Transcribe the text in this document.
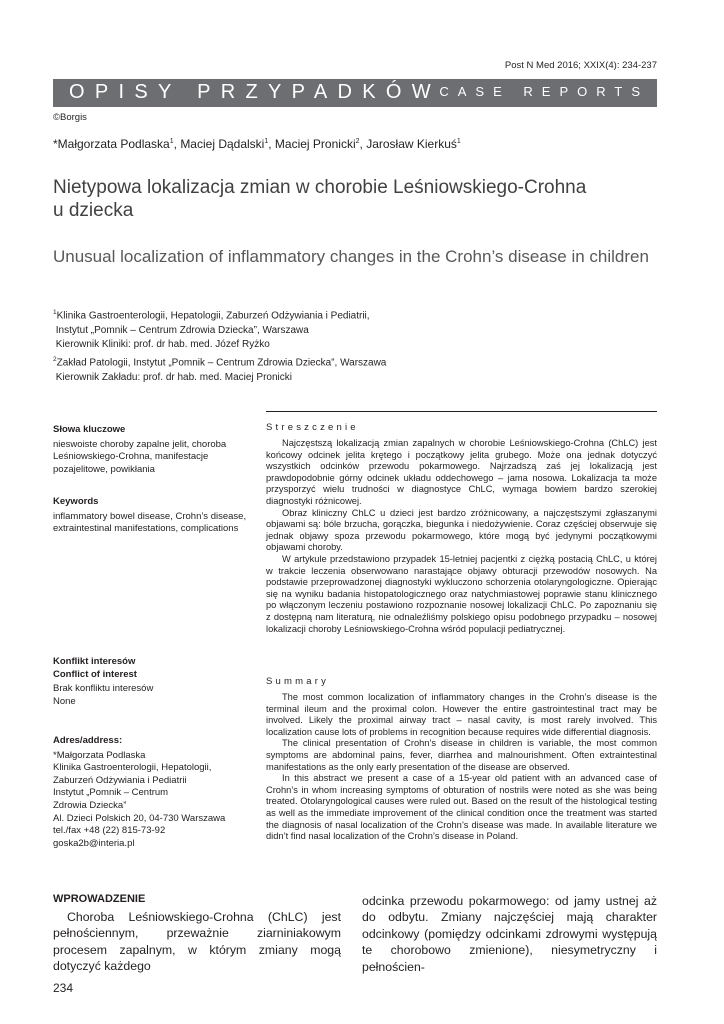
Post N Med 2016; XXIX(4): 234-237
OPISY PRZYPADKÓW
CASE REPORTS
©Borgis
*Małgorzata Podlaska$^1$, Maciej Dądalski$^1$, Maciej Pronicki$^2$, Jarosław Kierkuś$^1$
Nietypowa lokalizacja zmian w chorobie Leśniowskiego-Crohna
u dziecka
Unusual localization of inflammatory changes in the Crohn’s disease in children
$^1$Klinika Gastroenterologii, Hepatologii, Zaburzeń Odżywiania i Pediatrii,
Instytut „Pomnik – Centrum Zdrowia Dziecka”, Warszawa
Kierownik Kliniki: prof. dr hab. med. Józef Ryżko
$^2$Zakład Patologii, Instytut „Pomnik – Centrum Zdrowia Dziecka”, Warszawa
Kierownik Zakładu: prof. dr hab. med. Maciej Pronicki
Słowa kluczowe
nieswoiste choroby zapalne jelit, choroba Leśniowskiego-Crohna, manifestacje pozajelitowe, powikłania
Keywords
inflammatory bowel disease, Crohn’s disease, extraintestinal manifestations, complications
Konflikt interesów
Conflict of interest
Brak konfliktu interesów
None
Adres/address:
*Małgorzata Podlaska
Klinika Gastroenterologii, Hepatologii,
Zaburzeń Odżywiania i Pediatrii
Instytut „Pomnik – Centrum
Zdrowia Dziecka”
Al. Dzieci Polskich 20, 04-730 Warszawa
tel./fax +48 (22) 815-73-92
goska2b@interia.pl
Streszczenie

Najczęstszą lokalizacją zmian zapalnych w chorobie Leśniowskiego-Crohna (ChLC) jest końcowy odcinek jelita krętego i początkowy jelita grubego. Może ona jednak dotyczyć wszystkich odcinków przewodu pokarmowego. Najrzadszą zaś jej lokalizacją jest prawdopodobnie górny odcinek układu oddechowego – jama nosowa. Lokalizacja ta może przysporzyć wielu trudności w diagnostyce ChLC, wymaga bowiem bardzo szerokiej diagnostyki różnicowej.

Obraz kliniczny ChLC u dzieci jest bardzo zróżnicowany, a najczęstszymi zgłaszanymi objawami są: bóle brzucha, gorączka, biegunka i niedożywienie. Coraz częściej obserwuje się jednak objawy spoza przewodu pokarmowego, które mogą być jedynymi początkowymi objawami choroby.

W artykule przedstawiono przypadek 15-letniej pacjentki z ciężką postacią ChLC, u której w trakcie leczenia obserwowano narastające objawy obturacji przewodów nosowych. Na podstawie przeprowadzonej diagnostyki wykluczono schorzenia otolaryngologiczne. Opierając się na wyniku badania histopatologicznego oraz natychmiastowej poprawie stanu klinicznego po włączonym leczeniu postawiono rozpoznanie nosowej lokalizacji ChLC. Po zapoznaniu się z dostępną nam literaturą, nie odnaleźliśmy polskiego opisu podobnego przypadku – nosowej lokalizacji choroby Leśniowskiego-Crohna wśród populacji pediatrycznej.

Summary

The most common localization of inflammatory changes in the Crohn’s disease is the terminal ileum and the proximal colon. However the entire gastrointestinal tract may be involved. Likely the proximal airway tract – nasal cavity, is most rarely involved. This localization cause lots of problems in recognition because requires wide differential diagnosis.

The clinical presentation of Crohn’s disease in children is variable, the most common symptoms are abdominal pains, fever, diarrhea and malnourishment. Often extraintestinal manifestations as the only early presentation of the disease are observed.

In this abstract we present a case of a 15-year old patient with an advanced case of Crohn’s in whom increasing symptoms of obturation of nostrils were noted as she was being treated. Otolaryngological causes were ruled out. Based on the result of the histological testing as well as the immediate improvement of the clinical condition once the treatment was started the diagnosis of nasal localization of the Crohn’s disease was made. In available literature we didn’t find nasal localization of the Crohn’s disease in Poland.

WPROWADZENIE
Choroba Leśniowskiego-Crohna (ChLC) jest pełnościennym, przeważnie ziarniniakowym procesem zapalnym, w którym zmiany mogą dotyczyć każdego
odcinka przewodu pokarmowego: od jamy ustnej aż do odbytu. Zmiany najczęściej mają charakter odcinkowy (pomiędzy odcinkami zdrowymi występują te chorobowo zmienione), niesymetryczny i pełnościen-
234
